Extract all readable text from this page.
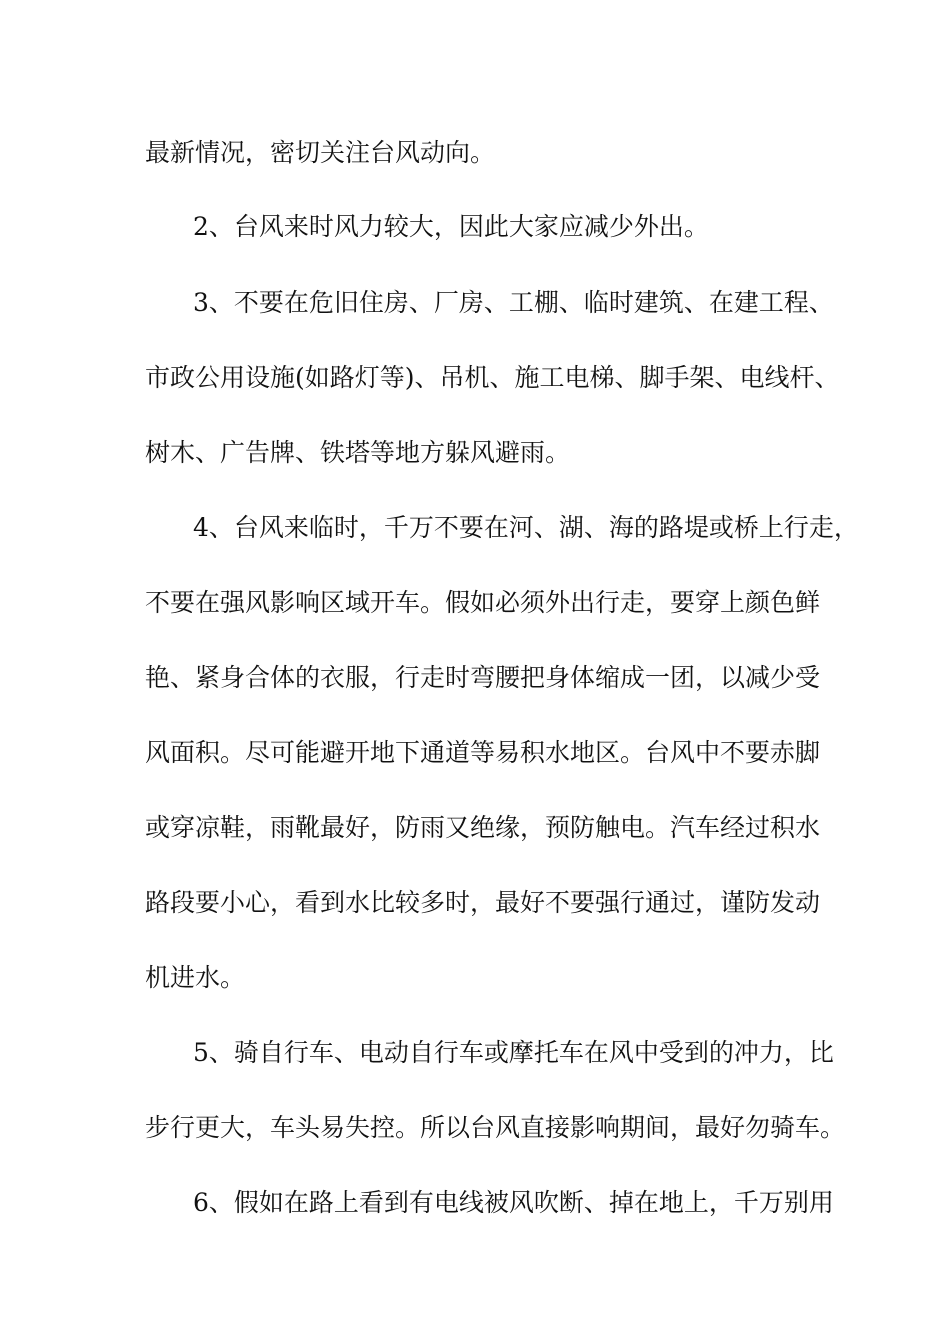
最新情况，密切关注台风动向。
2、台风来时风力较大，因此大家应减少外出。
3、不要在危旧住房、厂房、工棚、临时建筑、在建工程、
市政公用设施(如路灯等)、吊机、施工电梯、脚手架、电线杆、
树木、广告牌、铁塔等地方躲风避雨。
4、台风来临时，千万不要在河、湖、海的路堤或桥上行走，
不要在强风影响区域开车。假如必须外出行走，要穿上颜色鲜
艳、紧身合体的衣服，行走时弯腰把身体缩成一团，以减少受
风面积。尽可能避开地下通道等易积水地区。台风中不要赤脚
或穿凉鞋，雨靴最好，防雨又绝缘，预防触电。汽车经过积水
路段要小心，看到水比较多时，最好不要强行通过，谨防发动
机进水。
5、骑自行车、电动自行车或摩托车在风中受到的冲力，比
步行更大，车头易失控。所以台风直接影响期间，最好勿骑车。
6、假如在路上看到有电线被风吹断、掉在地上，千万别用
